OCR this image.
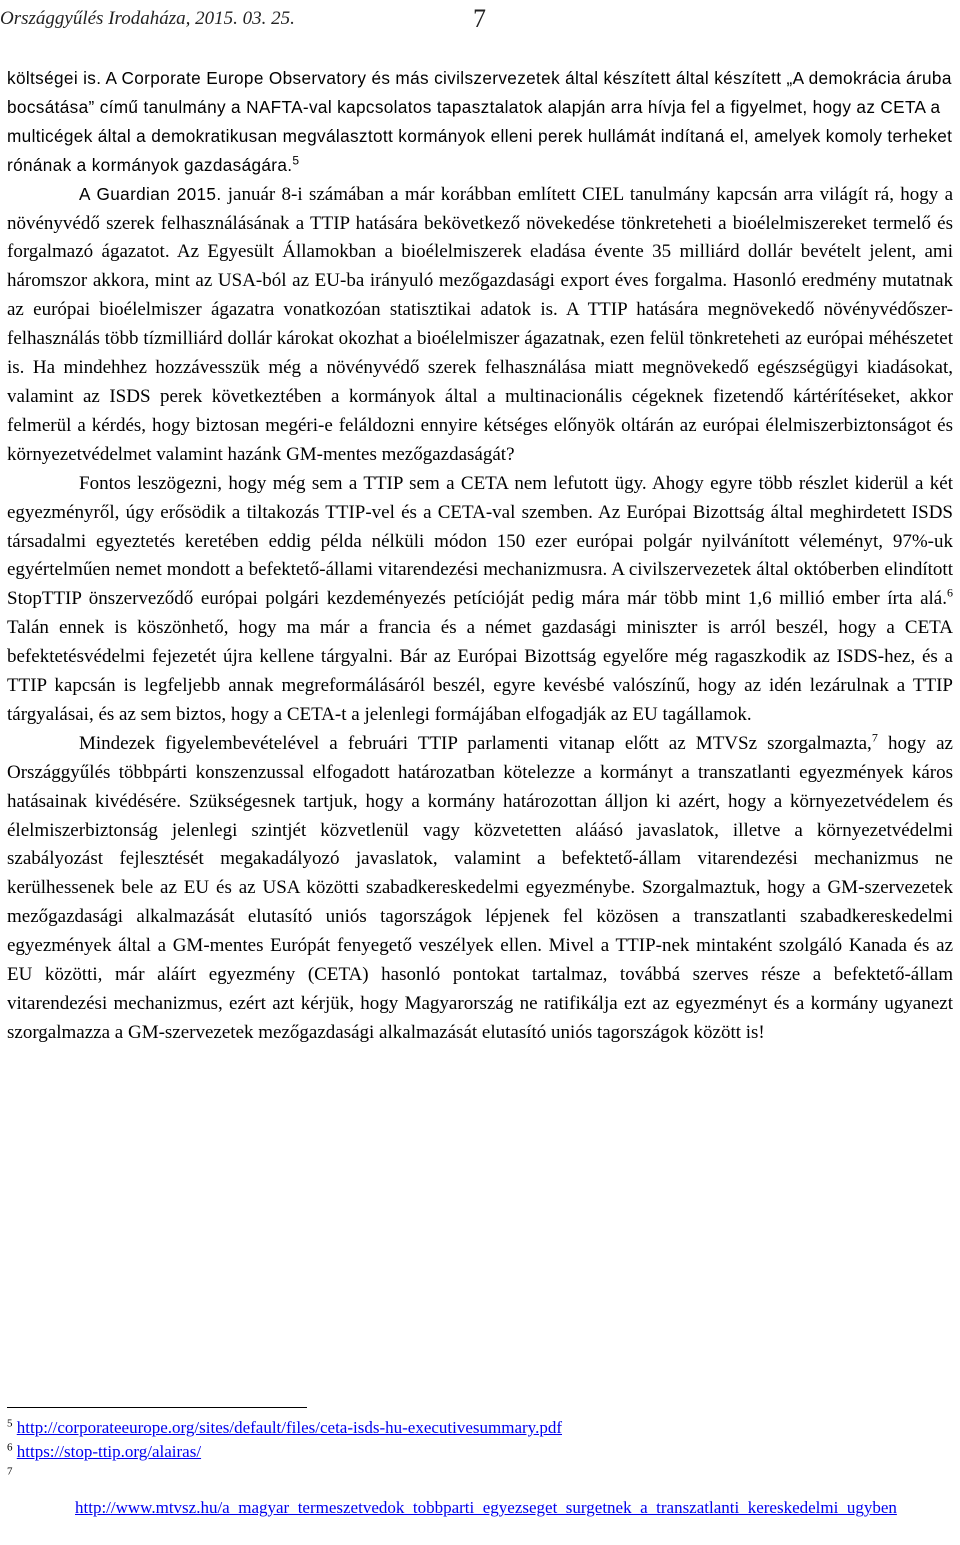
Országgyűlés Irodaháza, 2015. 03. 25.	7

költségei is. A Corporate Europe Observatory és más civilszervezetek által készített által készített „A demokrácia áruba bocsátása” című tanulmány a NAFTA-val kapcsolatos tapasztalatok alapján arra hívja fel a figyelmet, hogy az CETA a multicégek által a demokratikusan megválasztott kormányok elleni perek hullámát indítaná el, amelyek komoly terheket rónának a kormányok gazdaságára.$^5$

A Guardian 2015. január 8-i számában a már korábban említett CIEL tanulmány kapcsán arra világít rá, hogy a növényvédő szerek felhasználásának a TTIP hatására bekövetkező növekedése tönkreteheti a bioélelmiszereket termelő és forgalmazó ágazatot. Az Egyesült Államokban a bioélelmiszerek eladása évente 35 milliárd dollár bevételt jelent, ami háromszor akkora, mint az USA-ból az EU-ba irányuló mezőgazdasági export éves forgalma. Hasonló eredmény mutatnak az európai bioélelmiszer ágazatra vonatkozóan statisztikai adatok is. A TTIP hatására megnövekedő növényvédőszer-felhasználás több tízmilliárd dollár károkat okozhat a bioélelmiszer ágazatnak, ezen felül tönkreteheti az európai méhészetet is. Ha mindehhez hozzávesszük még a növényvédő szerek felhasználása miatt megnövekedő egészségügyi kiadásokat, valamint az ISDS perek következtében a kormányok által a multinacionális cégeknek fizetendő kártérítéseket, akkor felmerül a kérdés, hogy biztosan megéri-e feláldozni ennyire kétséges előnyök oltárán az európai élelmiszerbiztonságot és környezetvédelmet valamint hazánk GM-mentes mezőgazdaságát?

Fontos leszögezni, hogy még sem a TTIP sem a CETA nem lefutott ügy. Ahogy egyre több részlet kiderül a két egyezményről, úgy erősödik a tiltakozás TTIP-vel és a CETA-val szemben. Az Európai Bizottság által meghirdetett ISDS társadalmi egyeztetés keretében eddig példa nélküli módon 150 ezer európai polgár nyilvánított véleményt, 97%-uk egyértelműen nemet mondott a befektető-állami vitarendezési mechanizmusra. A civilszervezetek által októberben elindított StopTTIP önszerveződő európai polgári kezdeményezés petícióját pedig mára már több mint 1,6 millió ember írta alá.$^6$ Talán ennek is köszönhető, hogy ma már a francia és a német gazdasági miniszter is arról beszél, hogy a CETA befektetésvédelmi fejezetét újra kellene tárgyalni. Bár az Európai Bizottság egyelőre még ragaszkodik az ISDS-hez, és a TTIP kapcsán is legfeljebb annak megreformálásáról beszél, egyre kevésbé valószínű, hogy az idén lezárulnak a TTIP tárgyalásai, és az sem biztos, hogy a CETA-t a jelenlegi formájában elfogadják az EU tagállamok.

Mindezek figyelembevételével a februári TTIP parlamenti vitanap előtt az MTVSz szorgalmazta,$^7$ hogy az Országgyűlés többpárti konszenzussal elfogadott határozatban kötelezze a kormányt a transzatlanti egyezmények káros hatásainak kivédésére. Szükségesnek tartjuk, hogy a kormány határozottan álljon ki azért, hogy a környezetvédelem és élelmiszerbiztonság jelenlegi szintjét közvetlenül vagy közvetetten aláásó javaslatok, illetve a környezetvédelmi szabályozást fejlesztését megakadályozó javaslatok, valamint a befektető-állam vitarendezési mechanizmus ne kerülhessenek bele az EU és az USA közötti szabadkereskedelmi egyezménybe. Szorgalmaztuk, hogy a GM-szervezetek mezőgazdasági alkalmazását elutasító uniós tagországok lépjenek fel közösen a transzatlanti szabadkereskedelmi egyezmények által a GM-mentes Európát fenyegető veszélyek ellen. Mivel a TTIP-nek mintaként szolgáló Kanada és az EU közötti, már aláírt egyezmény (CETA) hasonló pontokat tartalmaz, továbbá szerves része a befektető-állam vitarendezési mechanizmus, ezért azt kérjük, hogy Magyarország ne ratifikálja ezt az egyezményt és a kormány ugyanezt szorgalmazza a GM-szervezetek mezőgazdasági alkalmazását elutasító uniós tagországok között is!

$^5$ http://corporateeurope.org/sites/default/files/ceta-isds-hu-executivesummary.pdf
$^6$ https://stop-ttip.org/alairas/
$^7$
http://www.mtvsz.hu/a_magyar_termeszetvedok_tobbparti_egyezseget_surgetnek_a_transzatlanti_kereskedelmi_ugyben
